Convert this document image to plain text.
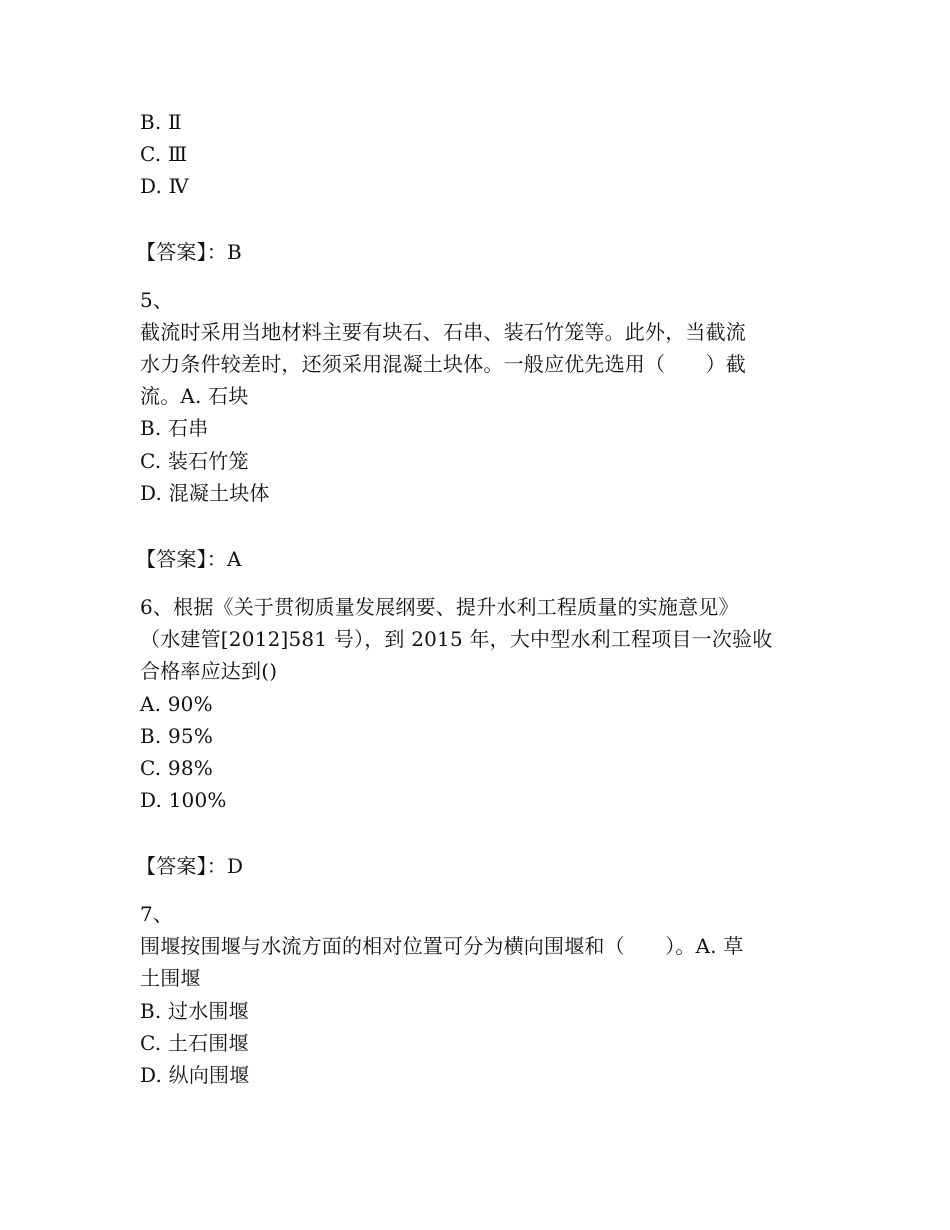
B. Ⅱ
C. Ⅲ
D. Ⅳ
【答案】：B
5、
截流时采用当地材料主要有块石、石串、装石竹笼等。此外，当截流
水力条件较差时，还须采用混凝土块体。一般应优先选用（　　）截
流。A. 石块
B. 石串
C. 装石竹笼
D. 混凝土块体
【答案】：A
6、根据《关于贯彻质量发展纲要、提升水利工程质量的实施意见》
（水建管[2012]581 号），到 2015 年，大中型水利工程项目一次验收
合格率应达到()
A. 90%
B. 95%
C. 98%
D. 100%
【答案】：D
7、
围堰按围堰与水流方面的相对位置可分为横向围堰和（　　）。A. 草
土围堰
B. 过水围堰
C. 土石围堰
D. 纵向围堰
